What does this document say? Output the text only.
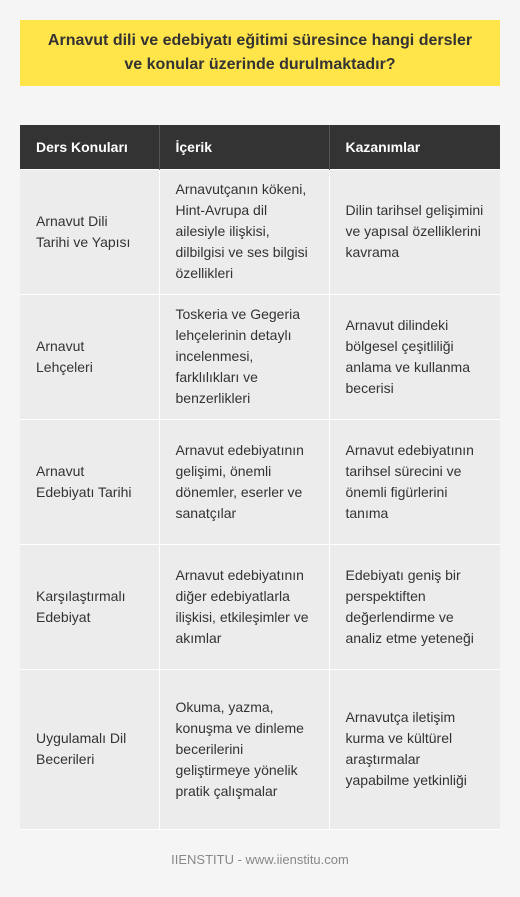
Arnavut dili ve edebiyatı eğitimi süresince hangi dersler ve konular üzerinde durulmaktadır?
Ders Konuları	İçerik	Kazanımlar
Arnavut Dili Tarihi ve Yapısı	Arnavutçanın kökeni, Hint-Avrupa dil ailesiyle ilişkisi, dilbilgisi ve ses bilgisi özellikleri	Dilin tarihsel gelişimini ve yapısal özelliklerini kavrama
Arnavut Lehçeleri	Toskeria ve Gegeria lehçelerinin detaylı incelenmesi, farklılıkları ve benzerlikleri	Arnavut dilindeki bölgesel çeşitliliği anlama ve kullanma becerisi
Arnavut Edebiyatı Tarihi	Arnavut edebiyatının gelişimi, önemli dönemler, eserler ve sanatçılar	Arnavut edebiyatının tarihsel sürecini ve önemli figürlerini tanıma
Karşılaştırmalı Edebiyat	Arnavut edebiyatının diğer edebiyatlarla ilişkisi, etkileşimler ve akımlar	Edebiyatı geniş bir perspektiften değerlendirme ve analiz etme yeteneği
Uygulamalı Dil Becerileri	Okuma, yazma, konuşma ve dinleme becerilerini geliştirmeye yönelik pratik çalışmalar	Arnavutça iletişim kurma ve kültürel araştırmalar yapabilme yetkinliği
IIENSTITU - www.iienstitu.com
